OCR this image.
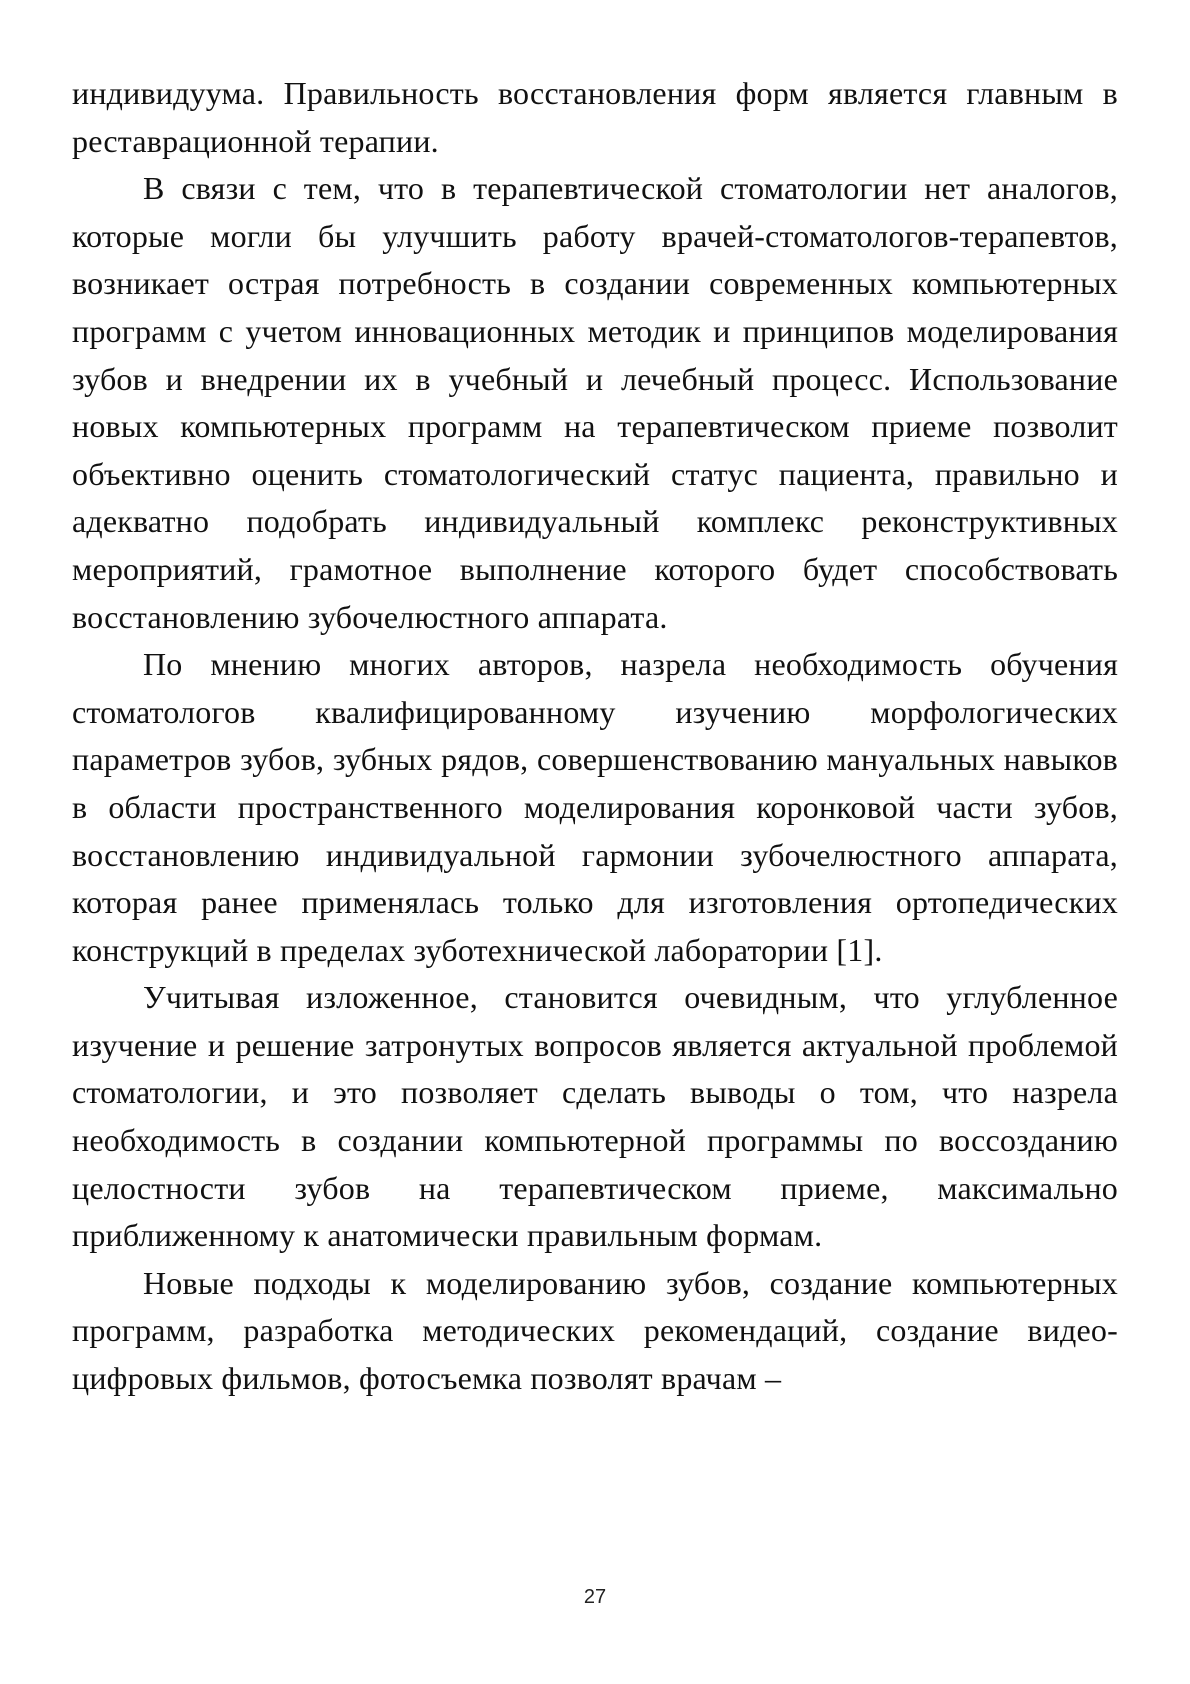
индивидуума. Правильность восстановления форм является главным в реставрационной терапии.

В связи с тем, что в терапевтической стоматологии нет аналогов, которые могли бы улучшить работу врачей-стоматологов-терапевтов, возникает острая потребность в создании современных компьютерных программ с учетом инновационных методик и принципов моделирования зубов и внедрении их в учебный и лечебный процесс. Использование новых компьютерных программ на терапевтическом приеме позволит объективно оценить стоматологический статус пациента, правильно и адекватно подобрать индивидуальный комплекс реконструктивных мероприятий, грамотное выполнение которого будет способствовать восстановлению зубочелюстного аппарата.

По мнению многих авторов, назрела необходимость обучения стоматологов квалифицированному изучению морфологических параметров зубов, зубных рядов, совершенствованию мануальных навыков в области пространственного моделирования коронковой части зубов, восстановлению индивидуальной гармонии зубочелюстного аппарата, которая ранее применялась только для изготовления ортопедических конструкций в пределах зуботехнической лаборатории [1].

Учитывая изложенное, становится очевидным, что углубленное изучение и решение затронутых вопросов является актуальной проблемой стоматологии, и это позволяет сделать выводы о том, что назрела необходимость в создании компьютерной программы по воссозданию целостности зубов на терапевтическом приеме, максимально приближенному к анатомически правильным формам.

Новые подходы к моделированию зубов, создание компьютерных программ, разработка методических рекомендаций, создание видео- цифровых фильмов, фотосъемка позволят врачам –

27
